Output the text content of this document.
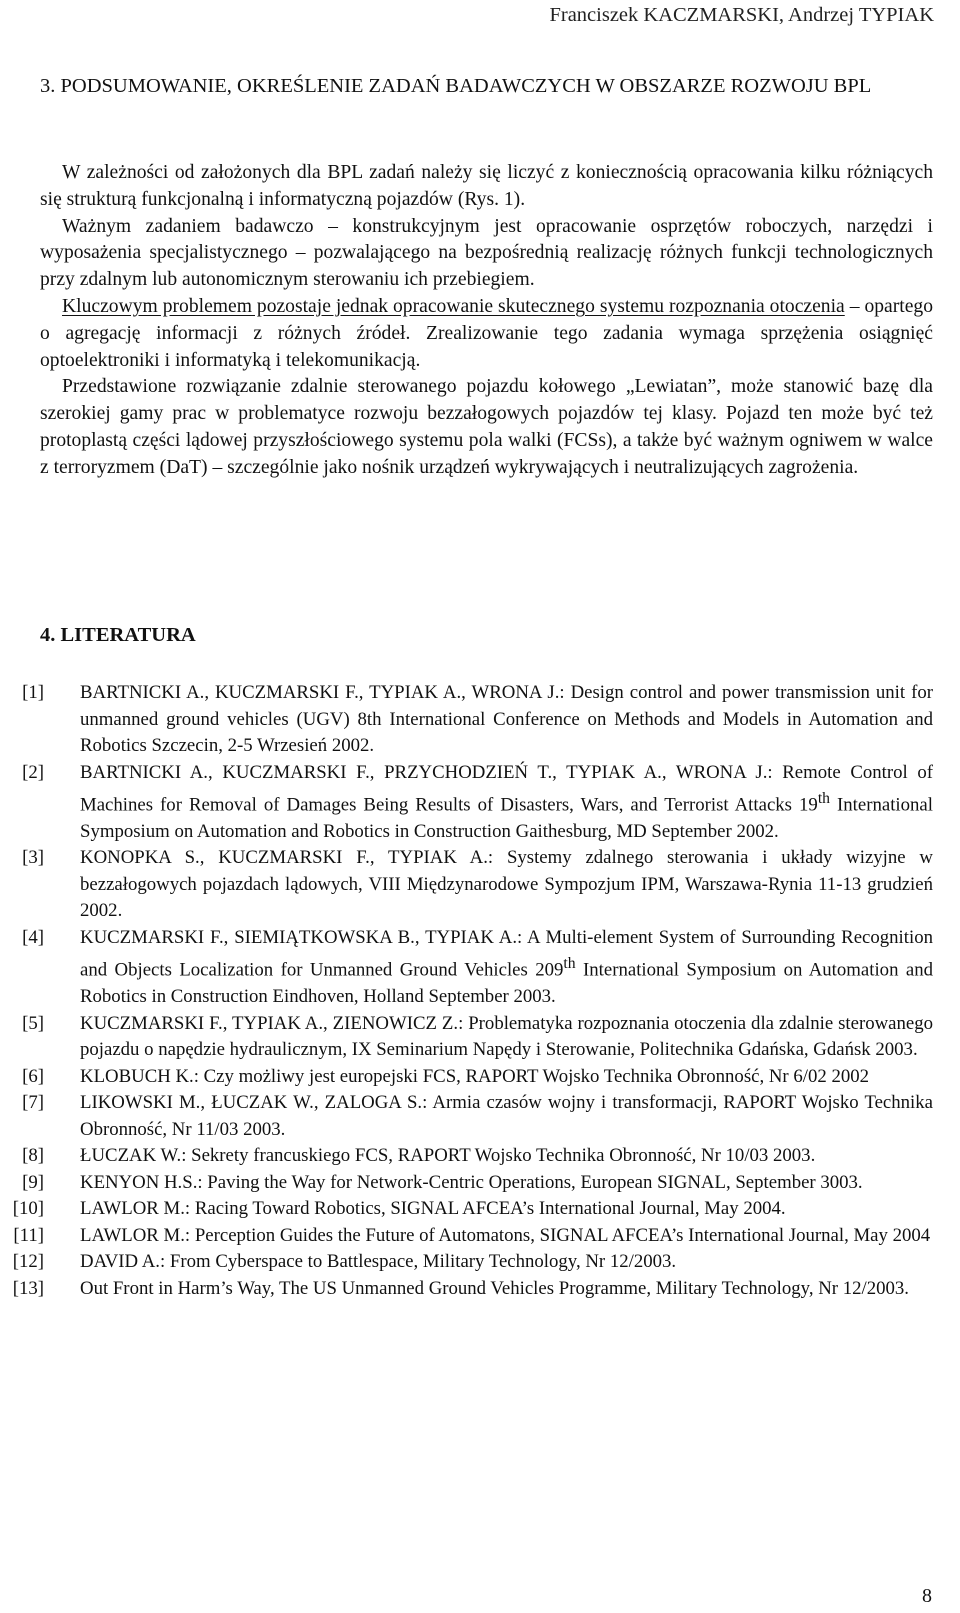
Franciszek KACZMARSKI, Andrzej TYPIAK
3. PODSUMOWANIE, OKREŚLENIE ZADAŃ BADAWCZYCH W OBSZARZE ROZWOJU BPL

W zależności od założonych dla BPL zadań należy się liczyć z koniecznością opracowania kilku różniących się strukturą funkcjonalną i informatyczną pojazdów (Rys. 1).

Ważnym zadaniem badawczo – konstrukcyjnym jest opracowanie osprzętów roboczych, narzędzi i wyposażenia specjalistycznego – pozwalającego na bezpośrednią realizację różnych funkcji technologicznych przy zdalnym lub autonomicznym sterowaniu ich przebiegiem.

Kluczowym problemem pozostaje jednak opracowanie skutecznego systemu rozpoznania otoczenia – opartego o agregację informacji z różnych źródeł. Zrealizowanie tego zadania wymaga sprzężenia osiągnięć optoelektroniki i informatyką i telekomunikacją.

Przedstawione rozwiązanie zdalnie sterowanego pojazdu kołowego „Lewiatan”, może stanowić bazę dla szerokiej gamy prac w problematyce rozwoju bezzałogowych pojazdów tej klasy. Pojazd ten może być też protoplastą części lądowej przyszłościowego systemu pola walki (FCSs), a także być ważnym ogniwem w walce z terroryzmem (DaT) – szczególnie jako nośnik urządzeń wykrywających i neutralizujących zagrożenia.

4. LITERATURA
[1] BARTNICKI A., KUCZMARSKI F., TYPIAK A., WRONA J.: Design control and power transmission unit for unmanned ground vehicles (UGV) 8th International Conference on Methods and Models in Automation and Robotics Szczecin, 2-5 Wrzesień 2002.
[2] BARTNICKI A., KUCZMARSKI F., PRZYCHODZIEŃ T., TYPIAK A., WRONA J.: Remote Control of Machines for Removal of Damages Being Results of Disasters, Wars, and Terrorist Attacks 19th International Symposium on Automation and Robotics in Construction Gaithesburg, MD September 2002.
[3] KONOPKA S., KUCZMARSKI F., TYPIAK A.: Systemy zdalnego sterowania i układy wizyjne w bezzałogowych pojazdach lądowych, VIII Międzynarodowe Sympozjum IPM, Warszawa-Rynia 11-13 grudzień 2002.
[4] KUCZMARSKI F., SIEMIĄTKOWSKA B., TYPIAK A.: A Multi-element System of Surrounding Recognition and Objects Localization for Unmanned Ground Vehicles 209th International Symposium on Automation and Robotics in Construction Eindhoven, Holland September 2003.
[5] KUCZMARSKI F., TYPIAK A., ZIENOWICZ Z.: Problematyka rozpoznania otoczenia dla zdalnie sterowanego pojazdu o napędzie hydraulicznym, IX Seminarium Napędy i Sterowanie, Politechnika Gdańska, Gdańsk 2003.
[6] KLOBUCH K.: Czy możliwy jest europejski FCS, RAPORT Wojsko Technika Obronność, Nr 6/02 2002
[7] LIKOWSKI M., ŁUCZAK W., ZALOGA S.: Armia czasów wojny i transformacji, RAPORT Wojsko Technika Obronność, Nr 11/03 2003.
[8] ŁUCZAK W.: Sekrety francuskiego FCS, RAPORT Wojsko Technika Obronność, Nr 10/03 2003.
[9] KENYON H.S.: Paving the Way for Network-Centric Operations, European SIGNAL, September 3003.
[10] LAWLOR M.: Racing Toward Robotics, SIGNAL AFCEA’s International Journal, May 2004.
[11] LAWLOR M.: Perception Guides the Future of Automatons, SIGNAL AFCEA’s International Journal, May 2004
[12] DAVID A.: From Cyberspace to Battlespace, Military Technology, Nr 12/2003.
[13] Out Front in Harm’s Way, The US Unmanned Ground Vehicles Programme, Military Technology, Nr 12/2003.
8
